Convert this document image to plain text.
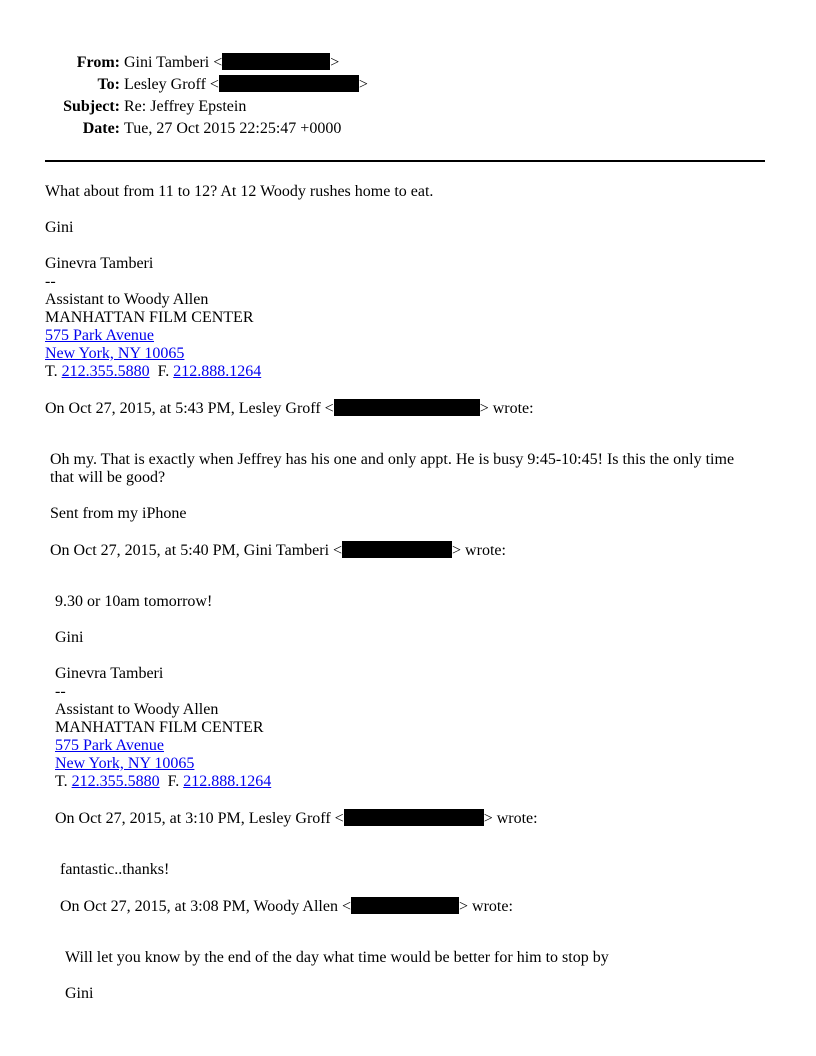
From: Gini Tamberi <	>
To: Lesley Groff <	>
Subject: Re: Jeffrey Epstein
Date: Tue, 27 Oct 2015 22:25:47 +0000
What about from 11 to 12? At 12 Woody rushes home to eat.
Gini
Ginevra Tamberi
--
Assistant to Woody Allen
MANHATTAN FILM CENTER
575 Park Avenue
New York, NY 10065
T. 212.355.5880 F. 212.888.1264
On Oct 27, 2015, at 5:43 PM, Lesley Groff <	> wrote:
Oh my. That is exactly when Jeffrey has his one and only appt. He is busy 9:45-10:45! Is this the only time that will be good?
Sent from my iPhone
On Oct 27, 2015, at 5:40 PM, Gini Tamberi <	> wrote:
9.30 or 10am tomorrow!
Gini
Ginevra Tamberi
--
Assistant to Woody Allen
MANHATTAN FILM CENTER
575 Park Avenue
New York, NY 10065
T. 212.355.5880 F. 212.888.1264
On Oct 27, 2015, at 3:10 PM, Lesley Groff <	> wrote:
fantastic..thanks!
On Oct 27, 2015, at 3:08 PM, Woody Allen <	> wrote:
Will let you know by the end of the day what time would be better for him to stop by
Gini
